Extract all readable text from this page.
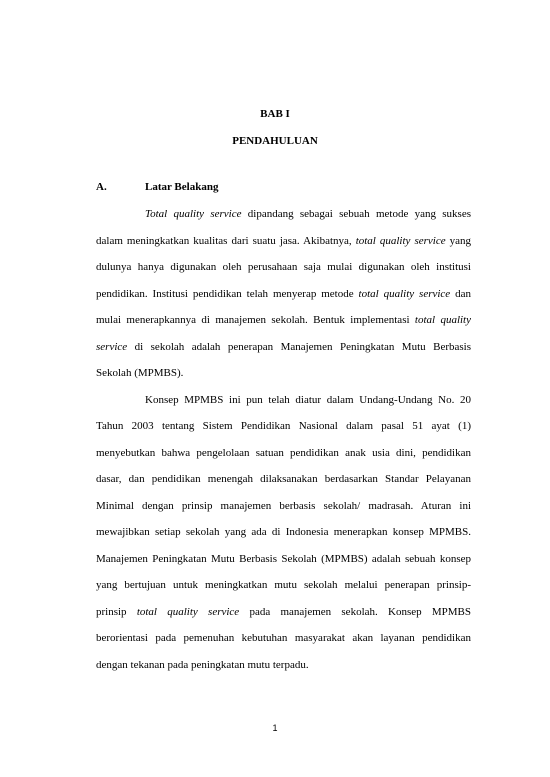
BAB I
PENDAHULUAN
A.	Latar Belakang
Total quality service dipandang sebagai sebuah metode yang sukses
dalam meningkatkan kualitas dari suatu jasa. Akibatnya, total quality service yang
dulunya hanya digunakan oleh perusahaan saja mulai digunakan oleh institusi
pendidikan. Institusi pendidikan telah menyerap metode total quality service dan
mulai menerapkannya di manajemen sekolah. Bentuk implementasi total quality
service di sekolah adalah penerapan Manajemen Peningkatan Mutu Berbasis
Sekolah (MPMBS).
Konsep MPMBS ini pun telah diatur dalam Undang-Undang No. 20
Tahun 2003 tentang Sistem Pendidikan Nasional dalam pasal 51 ayat (1)
menyebutkan bahwa pengelolaan satuan pendidikan anak usia dini, pendidikan
dasar, dan pendidikan menengah dilaksanakan berdasarkan Standar Pelayanan
Minimal dengan prinsip manajemen berbasis sekolah/ madrasah. Aturan ini
mewajibkan setiap sekolah yang ada di Indonesia menerapkan konsep MPMBS.
Manajemen Peningkatan Mutu Berbasis Sekolah (MPMBS) adalah sebuah konsep
yang bertujuan untuk meningkatkan mutu sekolah melalui penerapan prinsip-
prinsip total quality service pada manajemen sekolah. Konsep MPMBS
berorientasi pada pemenuhan kebutuhan masyarakat akan layanan pendidikan
dengan tekanan pada peningkatan mutu terpadu.
1
